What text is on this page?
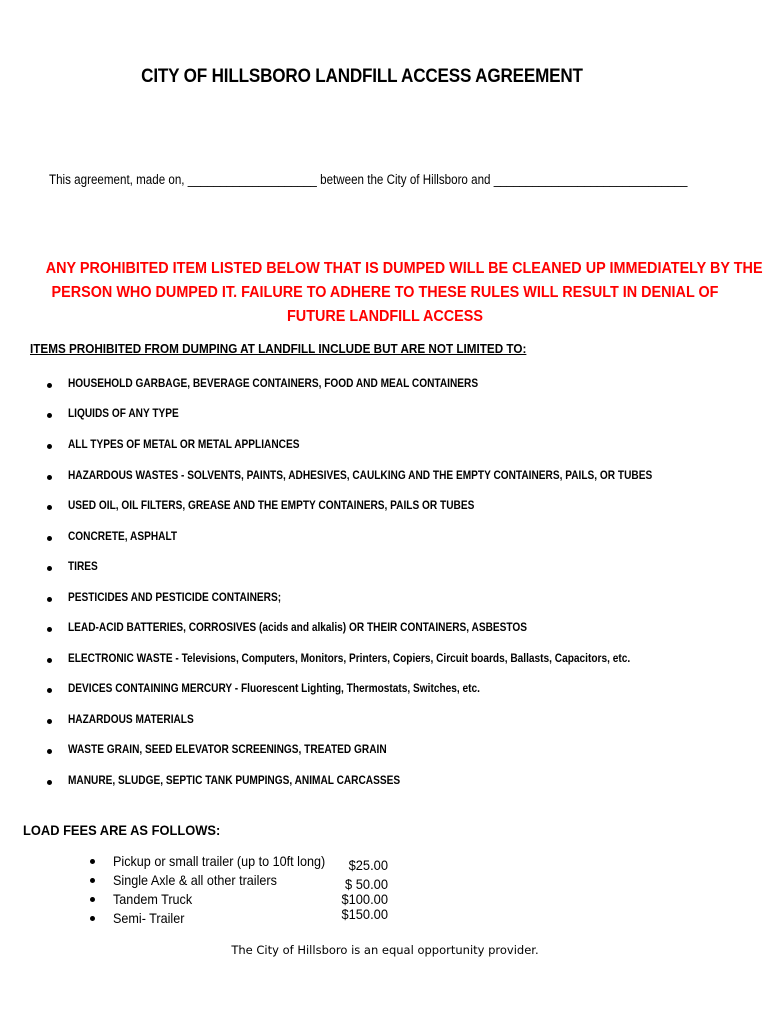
CITY OF HILLSBORO LANDFILL ACCESS AGREEMENT
This agreement, made on, ____________________ between the City of Hillsboro and ______________________________
ANY PROHIBITED ITEM LISTED BELOW THAT IS DUMPED WILL BE CLEANED UP IMMEDIATELY BY THE
PERSON WHO DUMPED IT. FAILURE TO ADHERE TO THESE RULES WILL RESULT IN DENIAL OF
FUTURE LANDFILL ACCESS
ITEMS PROHIBITED FROM DUMPING AT LANDFILL INCLUDE BUT ARE NOT LIMITED TO:
HOUSEHOLD GARBAGE, BEVERAGE CONTAINERS, FOOD AND MEAL CONTAINERS
LIQUIDS OF ANY TYPE
ALL TYPES OF METAL OR METAL APPLIANCES
HAZARDOUS WASTES - SOLVENTS, PAINTS, ADHESIVES, CAULKING AND THE EMPTY CONTAINERS, PAILS, OR TUBES
USED OIL, OIL FILTERS, GREASE AND THE EMPTY CONTAINERS, PAILS OR TUBES
CONCRETE, ASPHALT
TIRES
PESTICIDES AND PESTICIDE CONTAINERS;
LEAD-ACID BATTERIES, CORROSIVES (acids and alkalis) OR THEIR CONTAINERS, ASBESTOS
ELECTRONIC WASTE - Televisions, Computers, Monitors, Printers, Copiers, Circuit boards, Ballasts, Capacitors, etc.
DEVICES CONTAINING MERCURY - Fluorescent Lighting, Thermostats, Switches, etc.
HAZARDOUS MATERIALS
WASTE GRAIN, SEED ELEVATOR SCREENINGS, TREATED GRAIN
MANURE, SLUDGE, SEPTIC TANK PUMPINGS, ANIMAL CARCASSES
LOAD FEES ARE AS FOLLOWS:
Pickup or small trailer (up to 10ft long)	$25.00
Single Axle & all other trailers	$ 50.00
Tandem Truck	$100.00
Semi- Trailer	$150.00
The City of Hillsboro is an equal opportunity provider.
